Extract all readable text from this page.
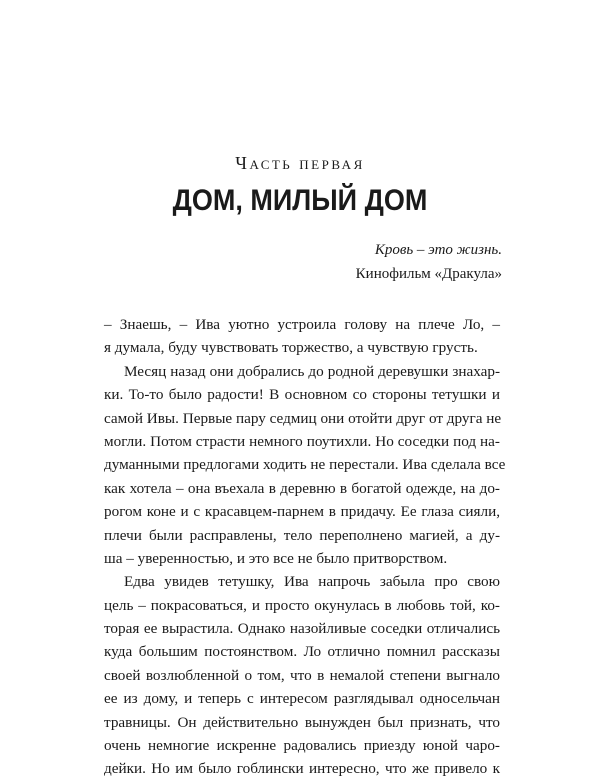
Часть первая
ДОМ, МИЛЫЙ ДОМ
Кровь – это жизнь.
Кинофильм «Дракула»
– Знаешь, – Ива уютно устроила голову на плече Ло, –
я думала, буду чувствовать торжество, а чувствую грусть.
Месяц назад они добрались до родной деревушки знахар-
ки. То-то было радости! В основном со стороны тетушки и
самой Ивы. Первые пару седмиц они отойти друг от друга не
могли. Потом страсти немного поутихли. Но соседки под на-
думанными предлогами ходить не перестали. Ива сделала все
как хотела – она въехала в деревню в богатой одежде, на до-
рогом коне и с красавцем-парнем в придачу. Ее глаза сияли,
плечи были расправлены, тело переполнено магией, а ду-
ша – уверенностью, и это все не было притворством.
Едва увидев тетушку, Ива напрочь забыла про свою
цель – покрасоваться, и просто окунулась в любовь той, ко-
торая ее вырастила. Однако назойливые соседки отличались
куда большим постоянством. Ло отлично помнил рассказы
своей возлюбленной о том, что в немалой степени выгнало
ее из дому, и теперь с интересом разглядывал односельчан
травницы. Он действительно вынужден был признать, что
очень немногие искренне радовались приезду юной чаро-
дейки. Но им было гоблински интересно, что же привело к
